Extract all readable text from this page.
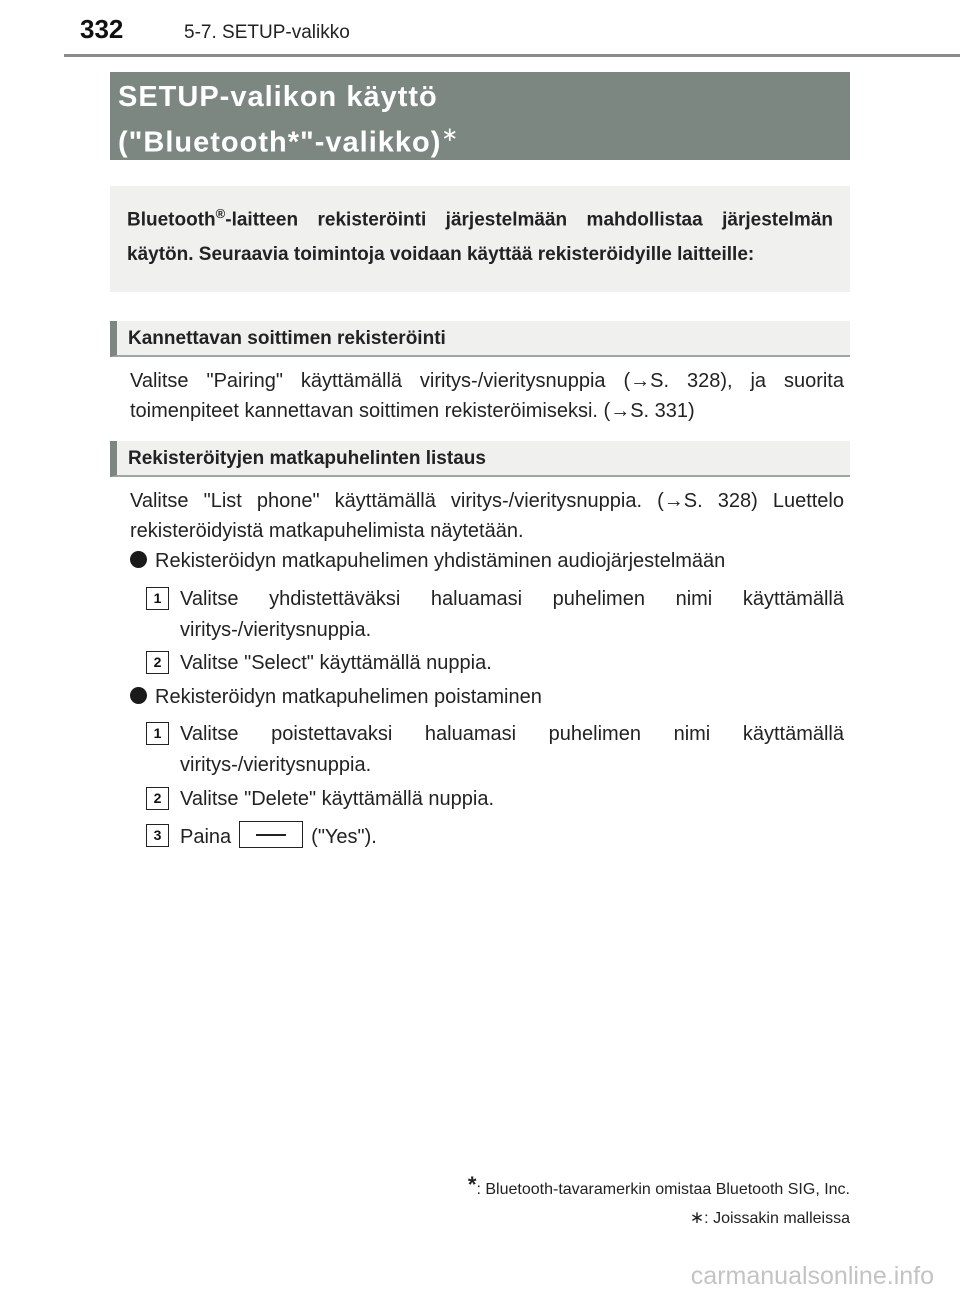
332	5-7. SETUP-valikko
SETUP-valikon käyttö
("Bluetooth*"-valikko)∗

Bluetooth®-laitteen rekisteröinti järjestelmään mahdollistaa järjestelmän käytön. Seuraavia toimintoja voidaan käyttää rekisteröidyille laitteille:

Kannettavan soittimen rekisteröinti

Valitse "Pairing" käyttämällä viritys-/vieritysnuppia (→S. 328), ja suorita toimenpiteet kannettavan soittimen rekisteröimiseksi. (→S. 331)

Rekisteröityjen matkapuhelinten listaus

Valitse "List phone" käyttämällä viritys-/vieritysnuppia. (→S. 328) Luettelo rekisteröidyistä matkapuhelimista näytetään.

Rekisteröidyn matkapuhelimen yhdistäminen audiojärjestelmään
1 Valitse yhdistettäväksi haluamasi puhelimen nimi käyttämällä viritys-/vieritysnuppia.

2 Valitse "Select" käyttämällä nuppia.

Rekisteröidyn matkapuhelimen poistaminen
1 Valitse poistettavaksi haluamasi puhelimen nimi käyttämällä viritys-/vieritysnuppia.

2 Valitse "Delete" käyttämällä nuppia.

3 Paina	("Yes").

*: Bluetooth-tavaramerkin omistaa Bluetooth SIG, Inc.
∗: Joissakin malleissa
carmanualsonline.info
